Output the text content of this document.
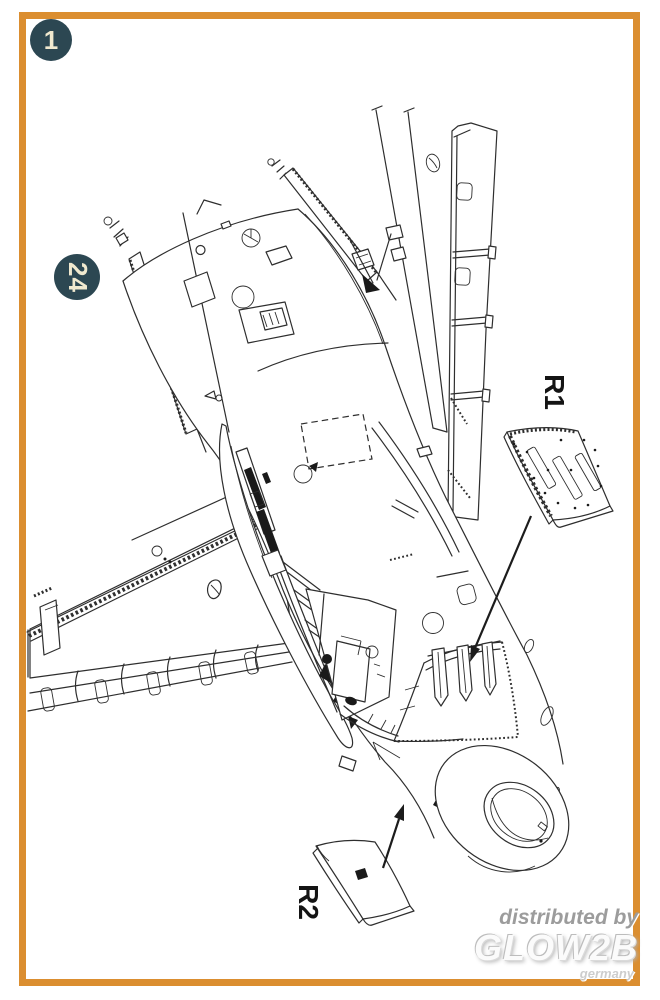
1
24
R1
R2	distributed by
GLOW2B
germany
